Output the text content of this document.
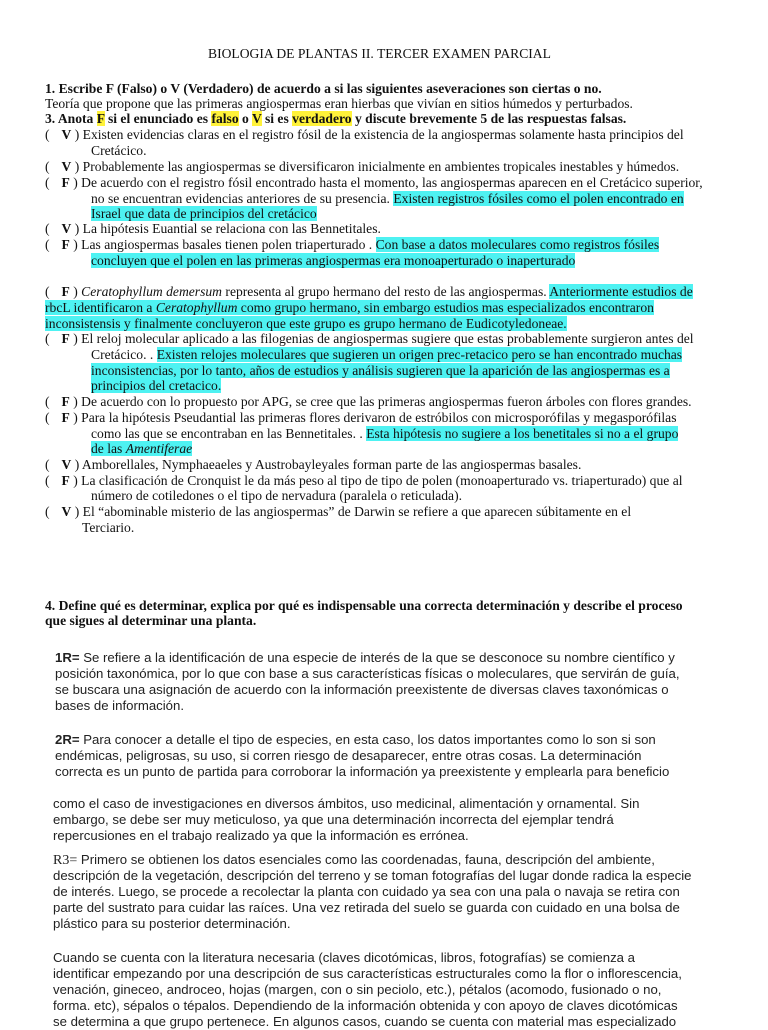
BIOLOGIA DE PLANTAS II. TERCER EXAMEN PARCIAL
1. Escribe F (Falso) o V (Verdadero) de acuerdo a si las siguientes aseveraciones son ciertas o no.
Teoría que propone que las primeras angiospermas eran hierbas que vivían en sitios húmedos y perturbados.
3. Anota F si el enunciado es falso o V si es verdadero y discute brevemente 5 de las respuestas falsas.
( V ) Existen evidencias claras en el registro fósil de la existencia de la angiospermas solamente hasta principios del
Cretácico.
( V ) Probablemente las angiospermas se diversificaron inicialmente en ambientes tropicales inestables y húmedos.
( F ) De acuerdo con el registro fósil encontrado hasta el momento, las angiospermas aparecen en el Cretácico superior,
no se encuentran evidencias anteriores de su presencia. Existen registros fósiles como el polen encontrado en
Israel que data de principios del cretácico
( V ) La hipótesis Euantial se relaciona con las Bennetitales.
( F ) Las angiospermas basales tienen polen triaperturado . Con base a datos moleculares como registros fósiles
concluyen que el polen en las primeras angiospermas era monoaperturado o inaperturado
( F ) Ceratophyllum demersum representa al grupo hermano del resto de las angiospermas. Anteriormente estudios de
rbcL identificaron a Ceratophyllum como grupo hermano, sin embargo estudios mas especializados encontraron
inconsistensis y finalmente concluyeron que este grupo es grupo hermano de Eudicotyledoneae.
( F ) El reloj molecular aplicado a las filogenias de angiospermas sugiere que estas probablemente surgieron antes del
Cretácico. . Existen relojes moleculares que sugieren un origen prec-retacico pero se han encontrado muchas
inconsistencias, por lo tanto, años de estudios y análisis sugieren que la aparición de las angiospermas es a
principios del cretacico.
( F ) De acuerdo con lo propuesto por APG, se cree que las primeras angiospermas fueron árboles con flores grandes.
( F ) Para la hipótesis Pseudantial las primeras flores derivaron de estróbilos con microsporófilas y megasporófilas
como las que se encontraban en las Bennetitales. . Esta hipótesis no sugiere a los benetitales si no a el grupo
de las Amentiferae
( V ) Amborellales, Nymphaeaeles y Austrobayleyales forman parte de las angiospermas basales.
( F ) La clasificación de Cronquist le da más peso al tipo de tipo de polen (monoaperturado vs. triaperturado) que al
número de cotiledones o el tipo de nervadura (paralela o reticulada).
( V ) El “abominable misterio de las angiospermas” de Darwin se refiere a que aparecen súbitamente en el
Terciario.
4. Define qué es determinar, explica por qué es indispensable una correcta determinación y describe el proceso
que sigues al determinar una planta.
1R= Se refiere a la identificación de una especie de interés de la que se desconoce su nombre científico y
posición taxonómica, por lo que con base a sus características físicas o moleculares, que servirán de guía,
se buscara una asignación de acuerdo con la información preexistente de diversas claves taxonómicas o
bases de información.
2R= Para conocer a detalle el tipo de especies, en esta caso, los datos importantes como lo son si son
endémicas, peligrosas, su uso, si corren riesgo de desaparecer, entre otras cosas. La determinación
correcta es un punto de partida para corroborar la información ya preexistente y emplearla para beneficio
como el caso de investigaciones en diversos ámbitos, uso medicinal, alimentación y ornamental. Sin
embargo, se debe ser muy meticuloso, ya que una determinación incorrecta del ejemplar tendrá
repercusiones en el trabajo realizado ya que la información es errónea.
R3= Primero se obtienen los datos esenciales como las coordenadas, fauna, descripción del ambiente,
descripción de la vegetación, descripción del terreno y se toman fotografías del lugar donde radica la especie
de interés. Luego, se procede a recolectar la planta con cuidado ya sea con una pala o navaja se retira con
parte del sustrato para cuidar las raíces. Una vez retirada del suelo se guarda con cuidado en una bolsa de
plástico para su posterior determinación.
Cuando se cuenta con la literatura necesaria (claves dicotómicas, libros, fotografías) se comienza a
identificar empezando por una descripción de sus características estructurales como la flor o inflorescencia,
venación, gineceo, androceo, hojas (margen, con o sin peciolo, etc.), pétalos (acomodo, fusionado o no,
forma. etc), sépalos o tépalos. Dependiendo de la información obtenida y con apoyo de claves dicotómicas
se determina a que grupo pertenece. En algunos casos, cuando se cuenta con material mas especializado
